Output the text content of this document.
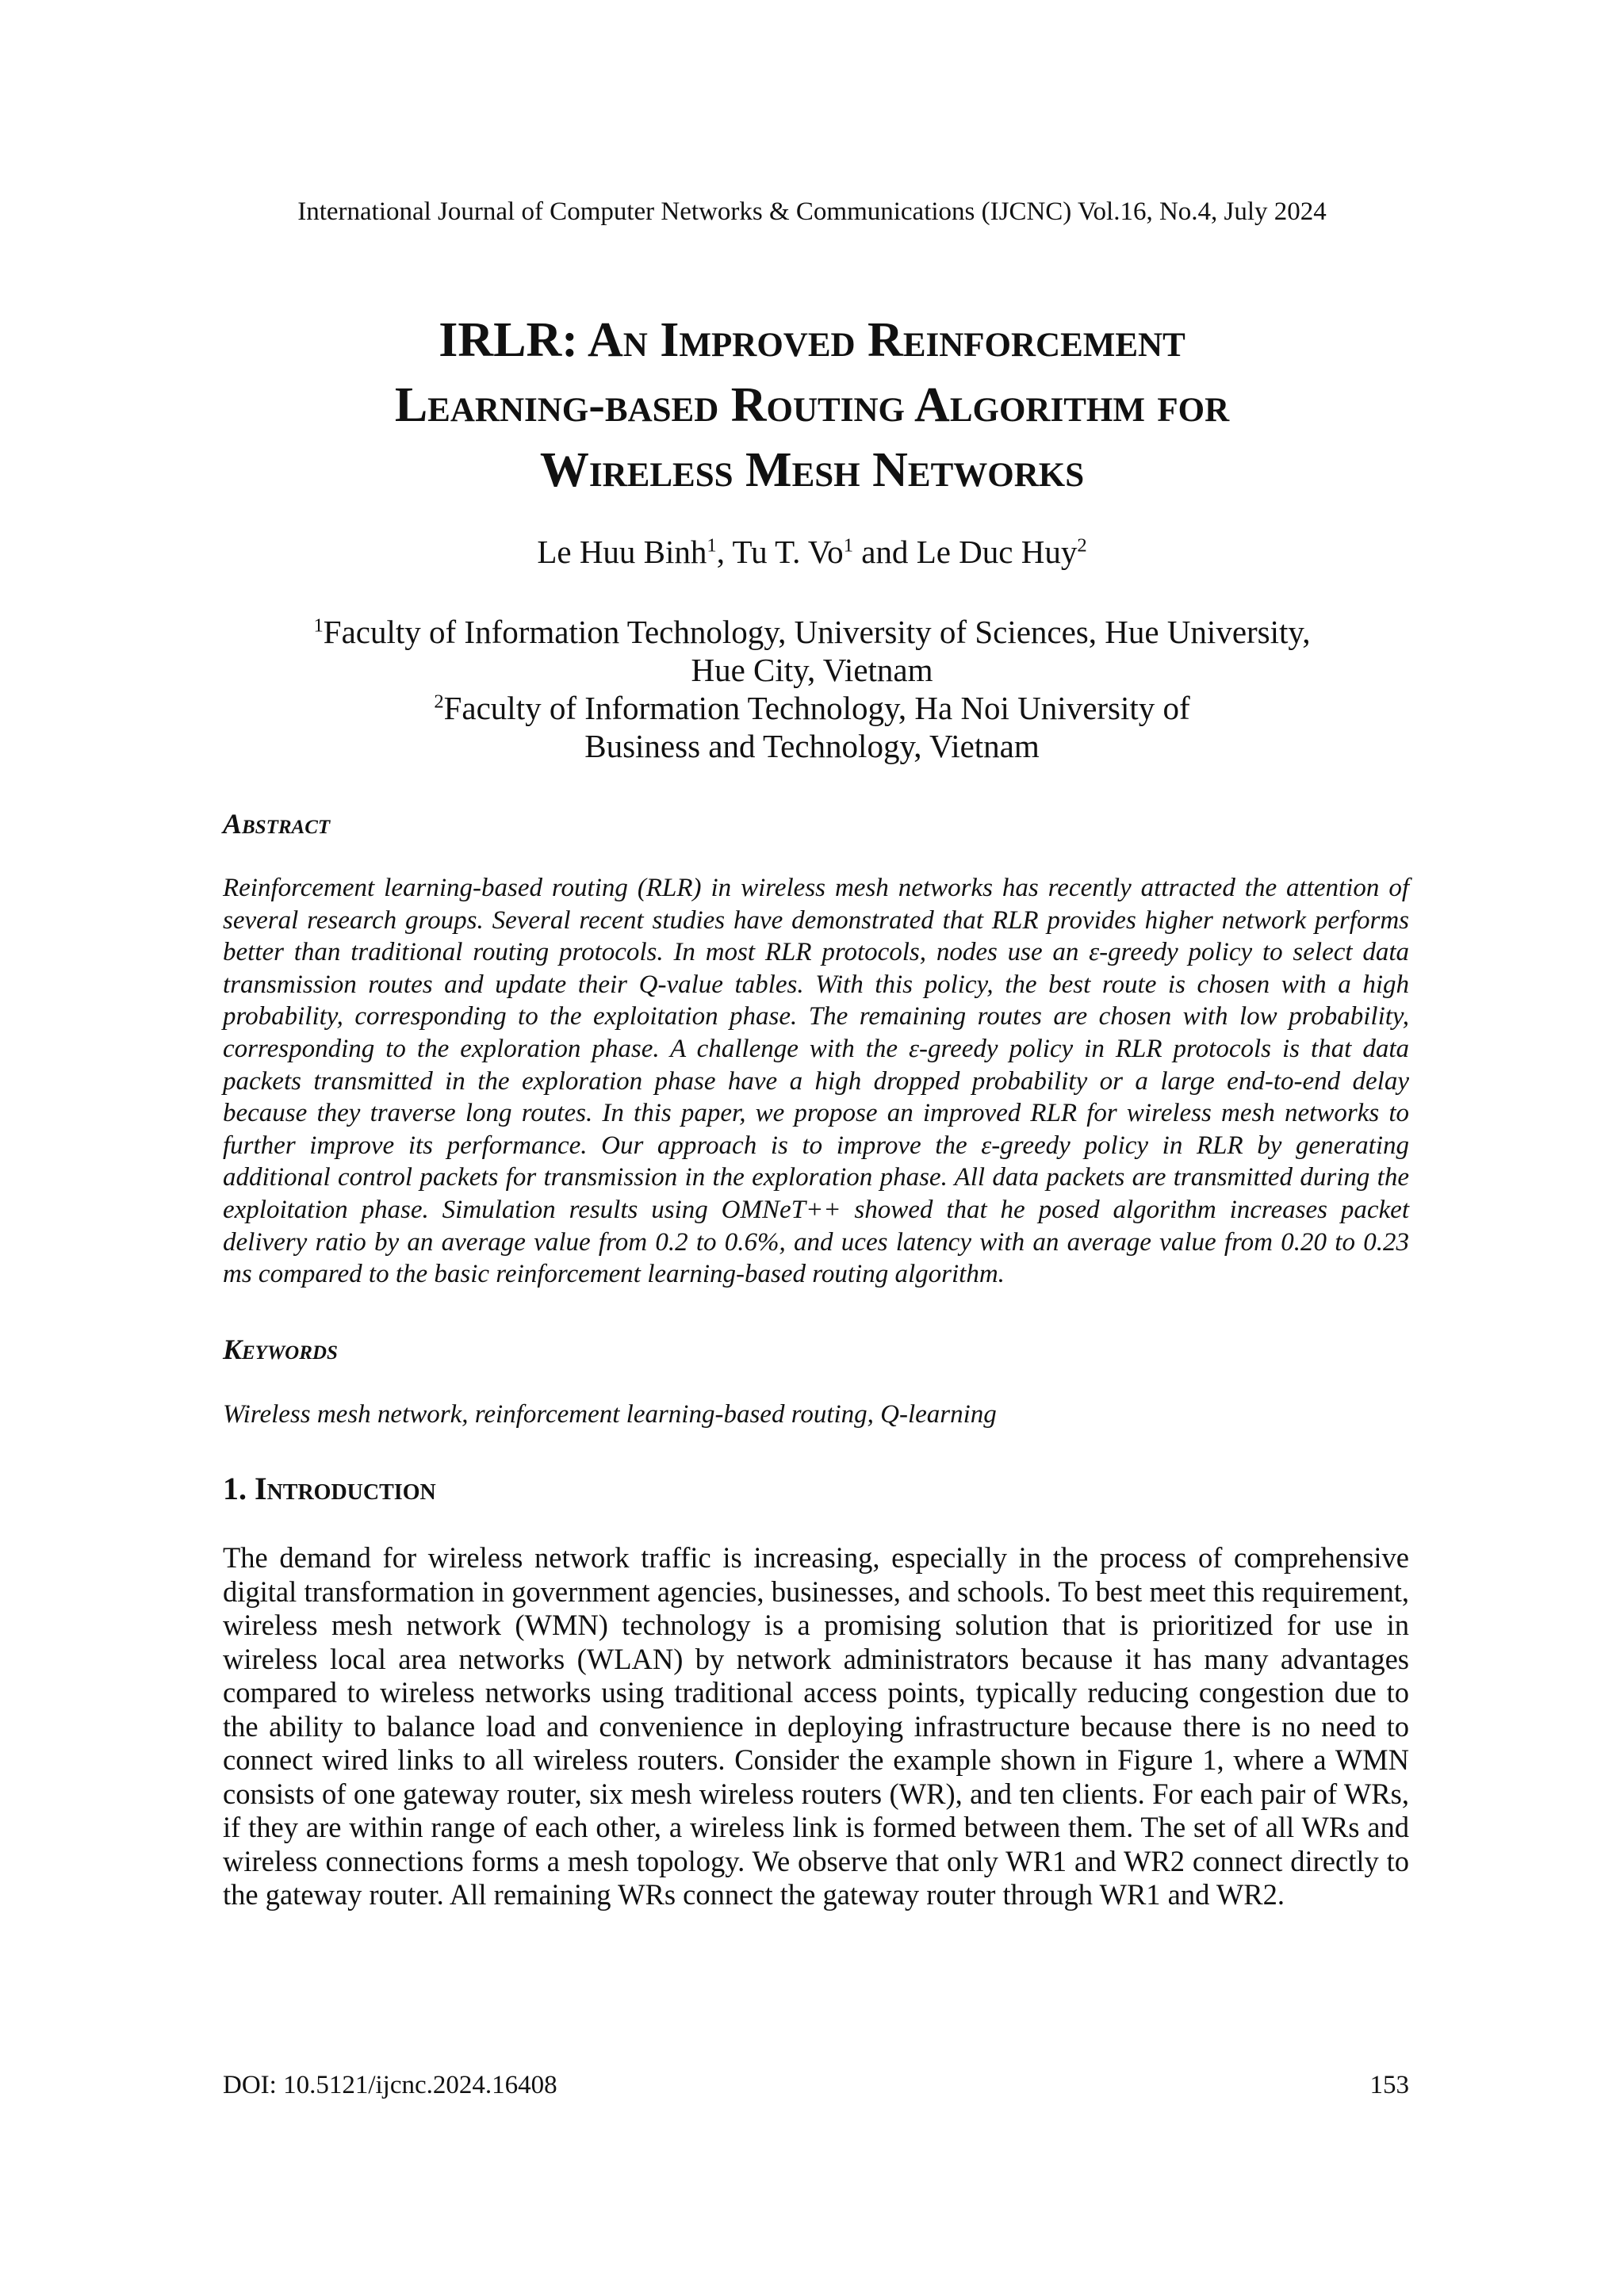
International Journal of Computer Networks & Communications (IJCNC) Vol.16, No.4, July 2024
IRLR: An Improved Reinforcement
Learning-based Routing Algorithm for
Wireless Mesh Networks
Le Huu Binh$^1$, Tu T. Vo$^1$ and Le Duc Huy$^2$
$^1$Faculty of Information Technology, University of Sciences, Hue University,
Hue City, Vietnam
$^2$Faculty of Information Technology, Ha Noi University of
Business and Technology, Vietnam
Abstract

Reinforcement learning-based routing (RLR) in wireless mesh networks has recently attracted the attention of several research groups. Several recent studies have demonstrated that RLR provides higher network performs better than traditional routing protocols. In most RLR protocols, nodes use an ε-greedy policy to select data transmission routes and update their Q-value tables. With this policy, the best route is chosen with a high probability, corresponding to the exploitation phase. The remaining routes are chosen with low probability, corresponding to the exploration phase. A challenge with the ε-greedy policy in RLR protocols is that data packets transmitted in the exploration phase have a high dropped probability or a large end-to-end delay because they traverse long routes. In this paper, we propose an improved RLR for wireless mesh networks to further improve its performance. Our approach is to improve the ε-greedy policy in RLR by generating additional control packets for transmission in the exploration phase. All data packets are transmitted during the exploitation phase. Simulation results using OMNeT++ showed that he posed algorithm increases packet delivery ratio by an average value from 0.2 to 0.6%, and uces latency with an average value from 0.20 to 0.23 ms compared to the basic reinforcement learning-based routing algorithm.

Keywords

Wireless mesh network, reinforcement learning-based routing, Q-learning

1. Introduction

The demand for wireless network traffic is increasing, especially in the process of comprehensive digital transformation in government agencies, businesses, and schools. To best meet this requirement, wireless mesh network (WMN) technology is a promising solution that is prioritized for use in wireless local area networks (WLAN) by network administrators because it has many advantages compared to wireless networks using traditional access points, typically reducing congestion due to the ability to balance load and convenience in deploying infrastructure because there is no need to connect wired links to all wireless routers. Consider the example shown in Figure 1, where a WMN consists of one gateway router, six mesh wireless routers (WR), and ten clients. For each pair of WRs, if they are within range of each other, a wireless link is formed between them. The set of all WRs and wireless connections forms a mesh topology. We observe that only WR1 and WR2 connect directly to the gateway router. All remaining WRs connect the gateway router through WR1 and WR2.

DOI: 10.5121/ijcnc.2024.16408	153
